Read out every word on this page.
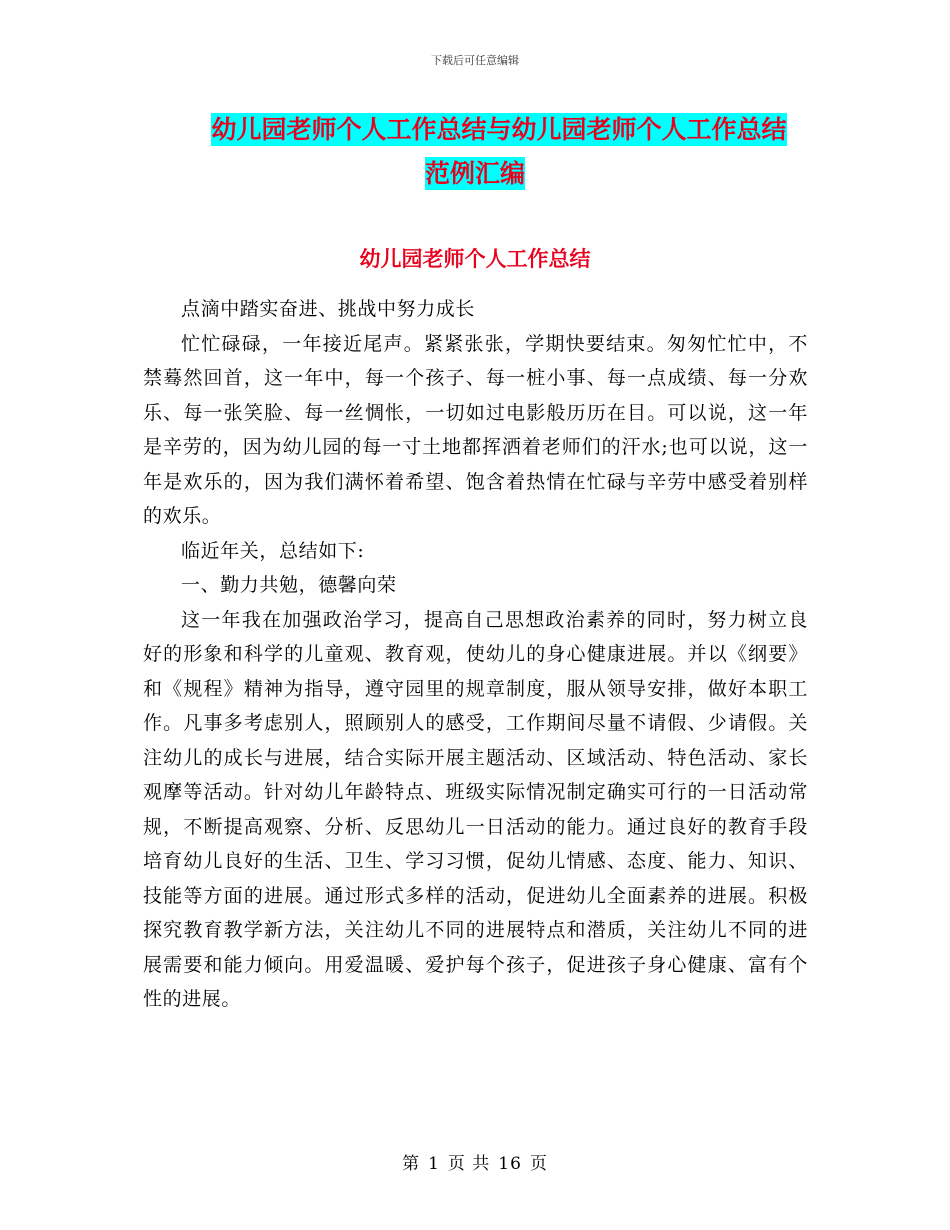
下载后可任意编辑
幼儿园老师个人工作总结与幼儿园老师个人工作总结
范例汇编
幼儿园老师个人工作总结

点滴中踏实奋进、挑战中努力成长

忙忙碌碌，一年接近尾声。紧紧张张，学期快要结束。匆匆忙忙中，不禁蓦然回首，这一年中，每一个孩子、每一桩小事、每一点成绩、每一分欢乐、每一张笑脸、每一丝惆怅，一切如过电影般历历在目。可以说，这一年是辛劳的，因为幼儿园的每一寸土地都挥洒着老师们的汗水;也可以说，这一年是欢乐的，因为我们满怀着希望、饱含着热情在忙碌与辛劳中感受着别样的欢乐。

临近年关，总结如下:

一、勤力共勉，德馨向荣

这一年我在加强政治学习，提高自己思想政治素养的同时，努力树立良好的形象和科学的儿童观、教育观，使幼儿的身心健康进展。并以《纲要》和《规程》精神为指导，遵守园里的规章制度，服从领导安排，做好本职工作。凡事多考虑别人，照顾别人的感受，工作期间尽量不请假、少请假。关注幼儿的成长与进展，结合实际开展主题活动、区域活动、特色活动、家长观摩等活动。针对幼儿年龄特点、班级实际情况制定确实可行的一日活动常规，不断提高观察、分析、反思幼儿一日活动的能力。通过良好的教育手段培育幼儿良好的生活、卫生、学习习惯，促幼儿情感、态度、能力、知识、技能等方面的进展。通过形式多样的活动，促进幼儿全面素养的进展。积极探究教育教学新方法，关注幼儿不同的进展特点和潜质，关注幼儿不同的进展需要和能力倾向。用爱温暖、爱护每个孩子，促进孩子身心健康、富有个性的进展。

第 1 页 共 16 页
